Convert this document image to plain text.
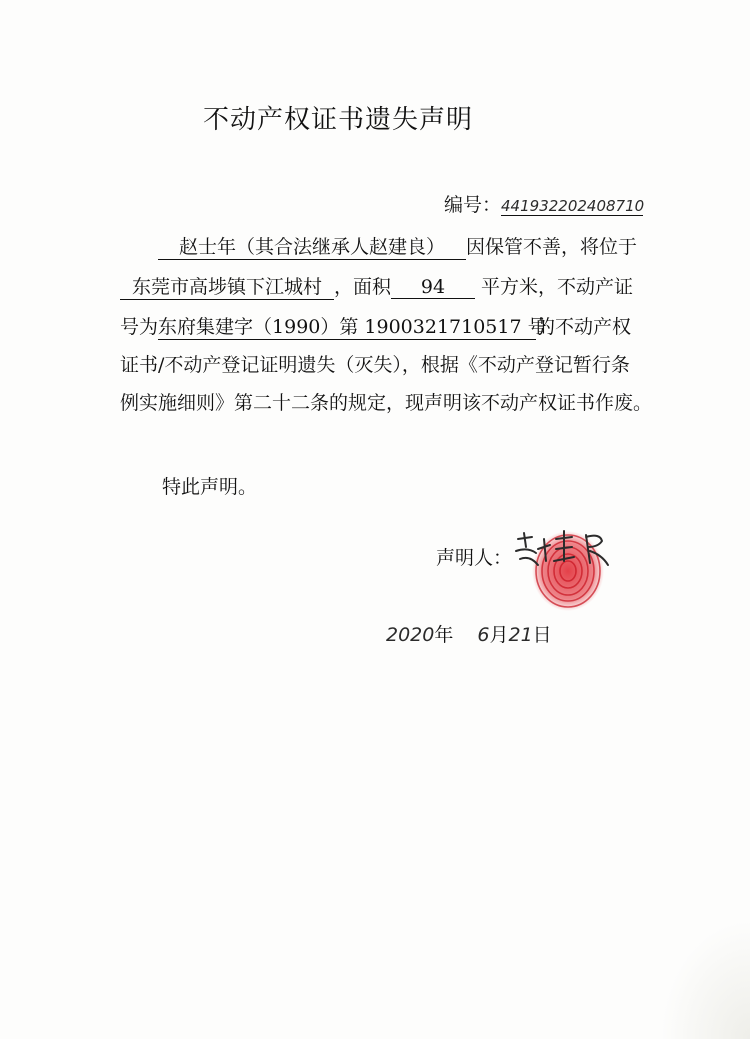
不动产权证书遗失声明
编号：441932202408710
赵士年（其合法继承人赵建良） 因保管不善，将位于
东莞市高埗镇下江城村 ，面积 94 平方米，不动产证
号为东府集建字（1990）第 1900321710517 号的不动产权
证书/不动产登记证明遗失（灭失），根据《不动产登记暂行条
例实施细则》第二十二条的规定，现声明该不动产权证书作废。
特此声明。
声明人：
2020年 6月21日
